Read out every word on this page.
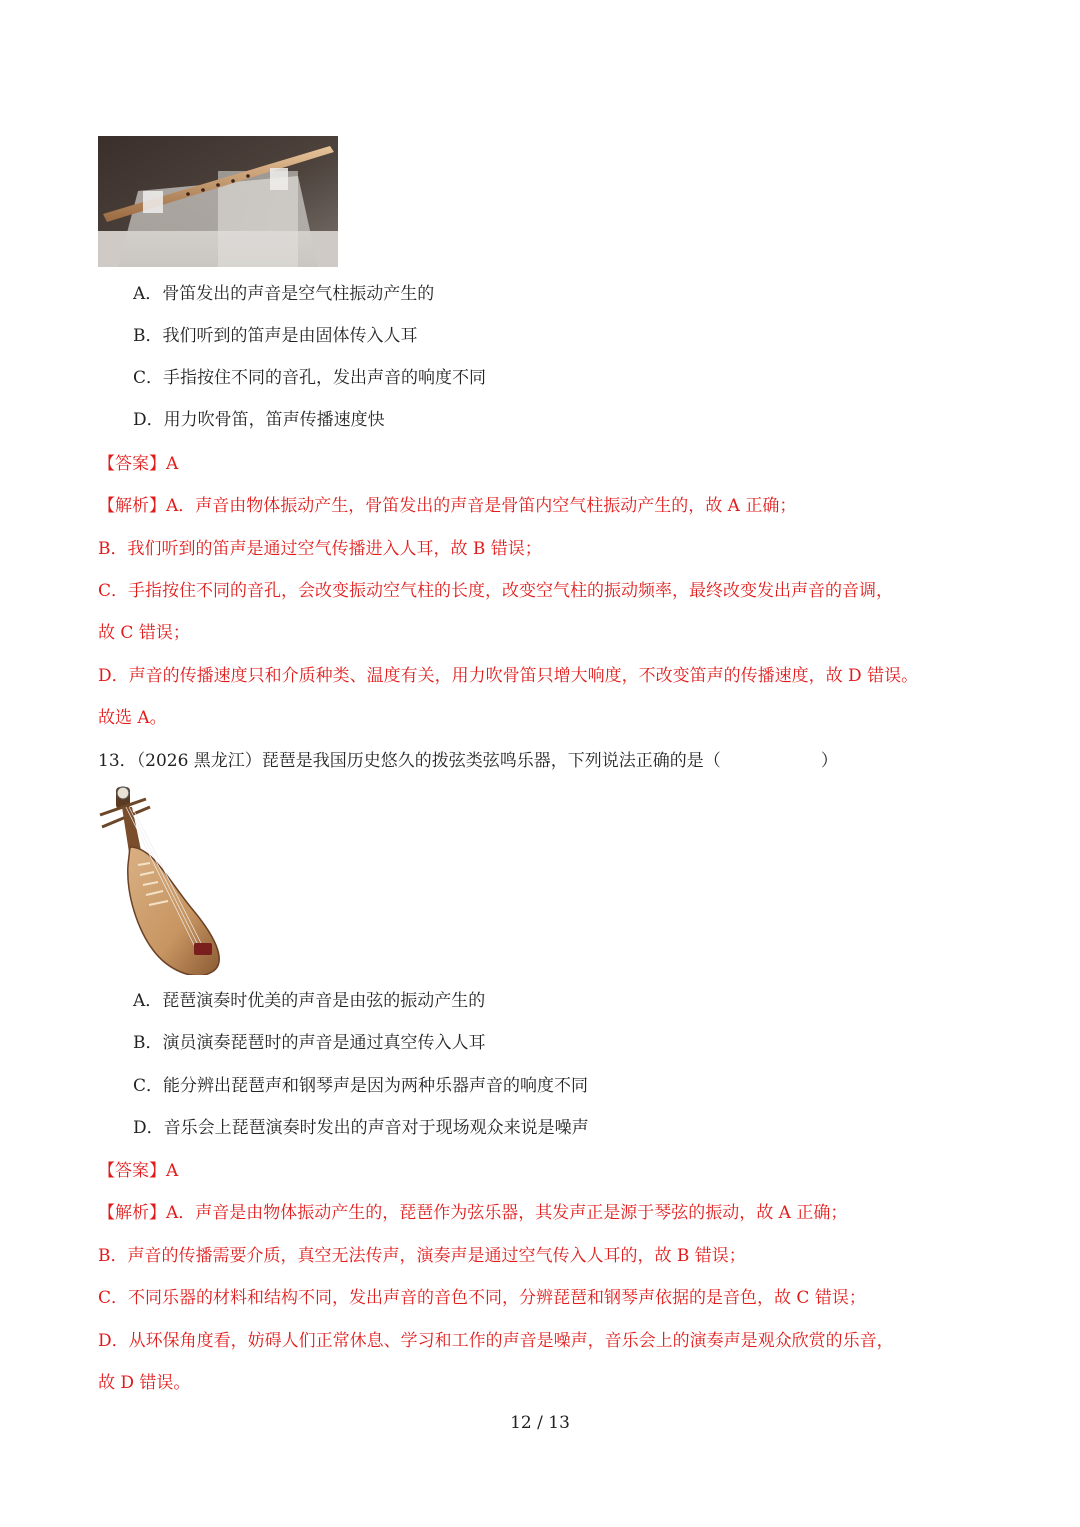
A．骨笛发出的声音是空气柱振动产生的
B．我们听到的笛声是由固体传入人耳
C．手指按住不同的音孔，发出声音的响度不同
D．用力吹骨笛，笛声传播速度快
【答案】A
【解析】A．声音由物体振动产生，骨笛发出的声音是骨笛内空气柱振动产生的，故 A 正确；
B．我们听到的笛声是通过空气传播进入人耳，故 B 错误；
C．手指按住不同的音孔，会改变振动空气柱的长度，改变空气柱的振动频率，最终改变发出声音的音调，
故 C 错误；
D．声音的传播速度只和介质种类、温度有关，用力吹骨笛只增大响度，不改变笛声的传播速度，故 D 错误。
故选 A。
13．（2026 黑龙江）琵琶是我国历史悠久的拨弦类弦鸣乐器，下列说法正确的是（	）
A．琵琶演奏时优美的声音是由弦的振动产生的
B．演员演奏琵琶时的声音是通过真空传入人耳
C．能分辨出琵琶声和钢琴声是因为两种乐器声音的响度不同
D．音乐会上琵琶演奏时发出的声音对于现场观众来说是噪声
【答案】A
【解析】A．声音是由物体振动产生的，琵琶作为弦乐器，其发声正是源于琴弦的振动，故 A 正确；
B．声音的传播需要介质，真空无法传声，演奏声是通过空气传入人耳的，故 B 错误；
C．不同乐器的材料和结构不同，发出声音的音色不同，分辨琵琶和钢琴声依据的是音色，故 C 错误；
D．从环保角度看，妨碍人们正常休息、学习和工作的声音是噪声，音乐会上的演奏声是观众欣赏的乐音，
故 D 错误。
12 / 13
